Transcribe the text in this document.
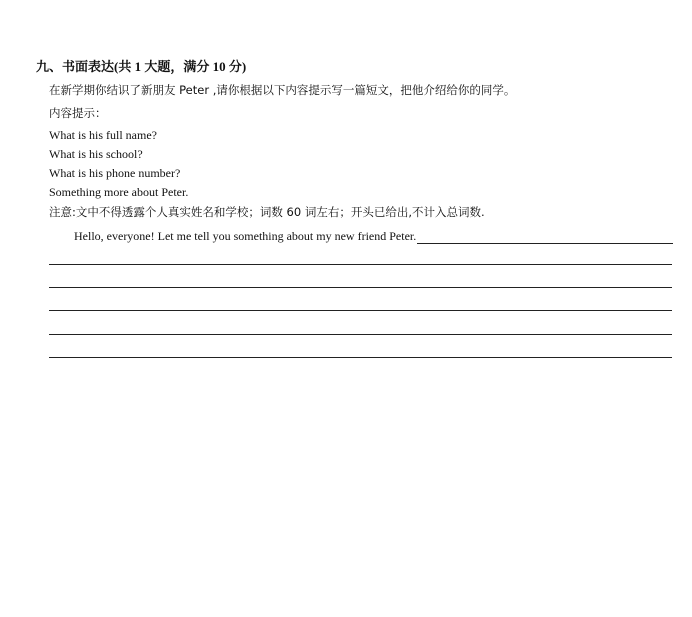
九、书面表达(共 1 大题，满分 10 分)
在新学期你结识了新朋友 Peter ,请你根据以下内容提示写一篇短文，把他介绍给你的同学。
内容提示：
What is his full name?
What is his school?
What is his phone number?
Something more about Peter.
注意:文中不得透露个人真实姓名和学校；词数 60 词左右；开头已给出,不计入总词数.
Hello, everyone! Let me tell you something about my new friend Peter.
